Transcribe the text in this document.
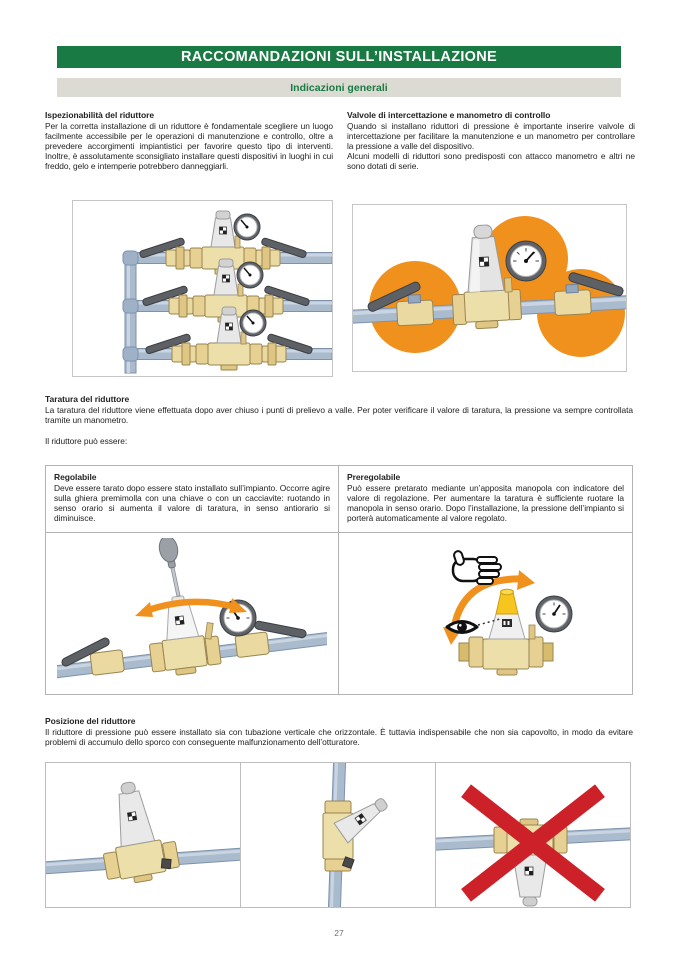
RACCOMANDAZIONI SULL’INSTALLAZIONE
Indicazioni generali
Ispezionabilità del riduttore

Per la corretta installazione di un riduttore è fondamentale scegliere un luogo facilmente accessibile per le operazioni di manutenzione e controllo, oltre a prevedere accorgimenti impiantistici per favorire questo tipo di interventi. Inoltre, è assolutamente sconsigliato installare questi dispositivi in luoghi in cui freddo, gelo e intemperie potrebbero danneggiarli.

Valvole di intercettazione e manometro di controllo

Quando si installano riduttori di pressione è importante inserire valvole di intercettazione per facilitare la manutenzione e un manometro per controllare la pressione a valle del dispositivo.

Alcuni modelli di riduttori sono predisposti con attacco manometro e altri ne sono dotati di serie.

Taratura del riduttore

La taratura del riduttore viene effettuata dopo aver chiuso i punti di prelievo a valle. Per poter verificare il valore di taratura, la pressione va sempre controllata tramite un manometro.

Il riduttore può essere:

Regolabile

Deve essere tarato dopo essere stato installato sull’impianto. Occorre agire sulla ghiera premimolla con una chiave o con un cacciavite: ruotando in senso orario si aumenta il valore di taratura, in senso antiorario si diminuisce.

Preregolabile

Può essere pretarato mediante un’apposita manopola con indicatore del valore di regolazione. Per aumentare la taratura è sufficiente ruotare la manopola in senso orario. Dopo l’installazione, la pressione dell’impianto si porterà automaticamente al valore regolato.

Posizione del riduttore

Il riduttore di pressione può essere installato sia con tubazione verticale che orizzontale. È tuttavia indispensabile che non sia capovolto, in modo da evitare problemi di accumulo dello sporco con conseguente malfunzionamento dell’otturatore.

27
